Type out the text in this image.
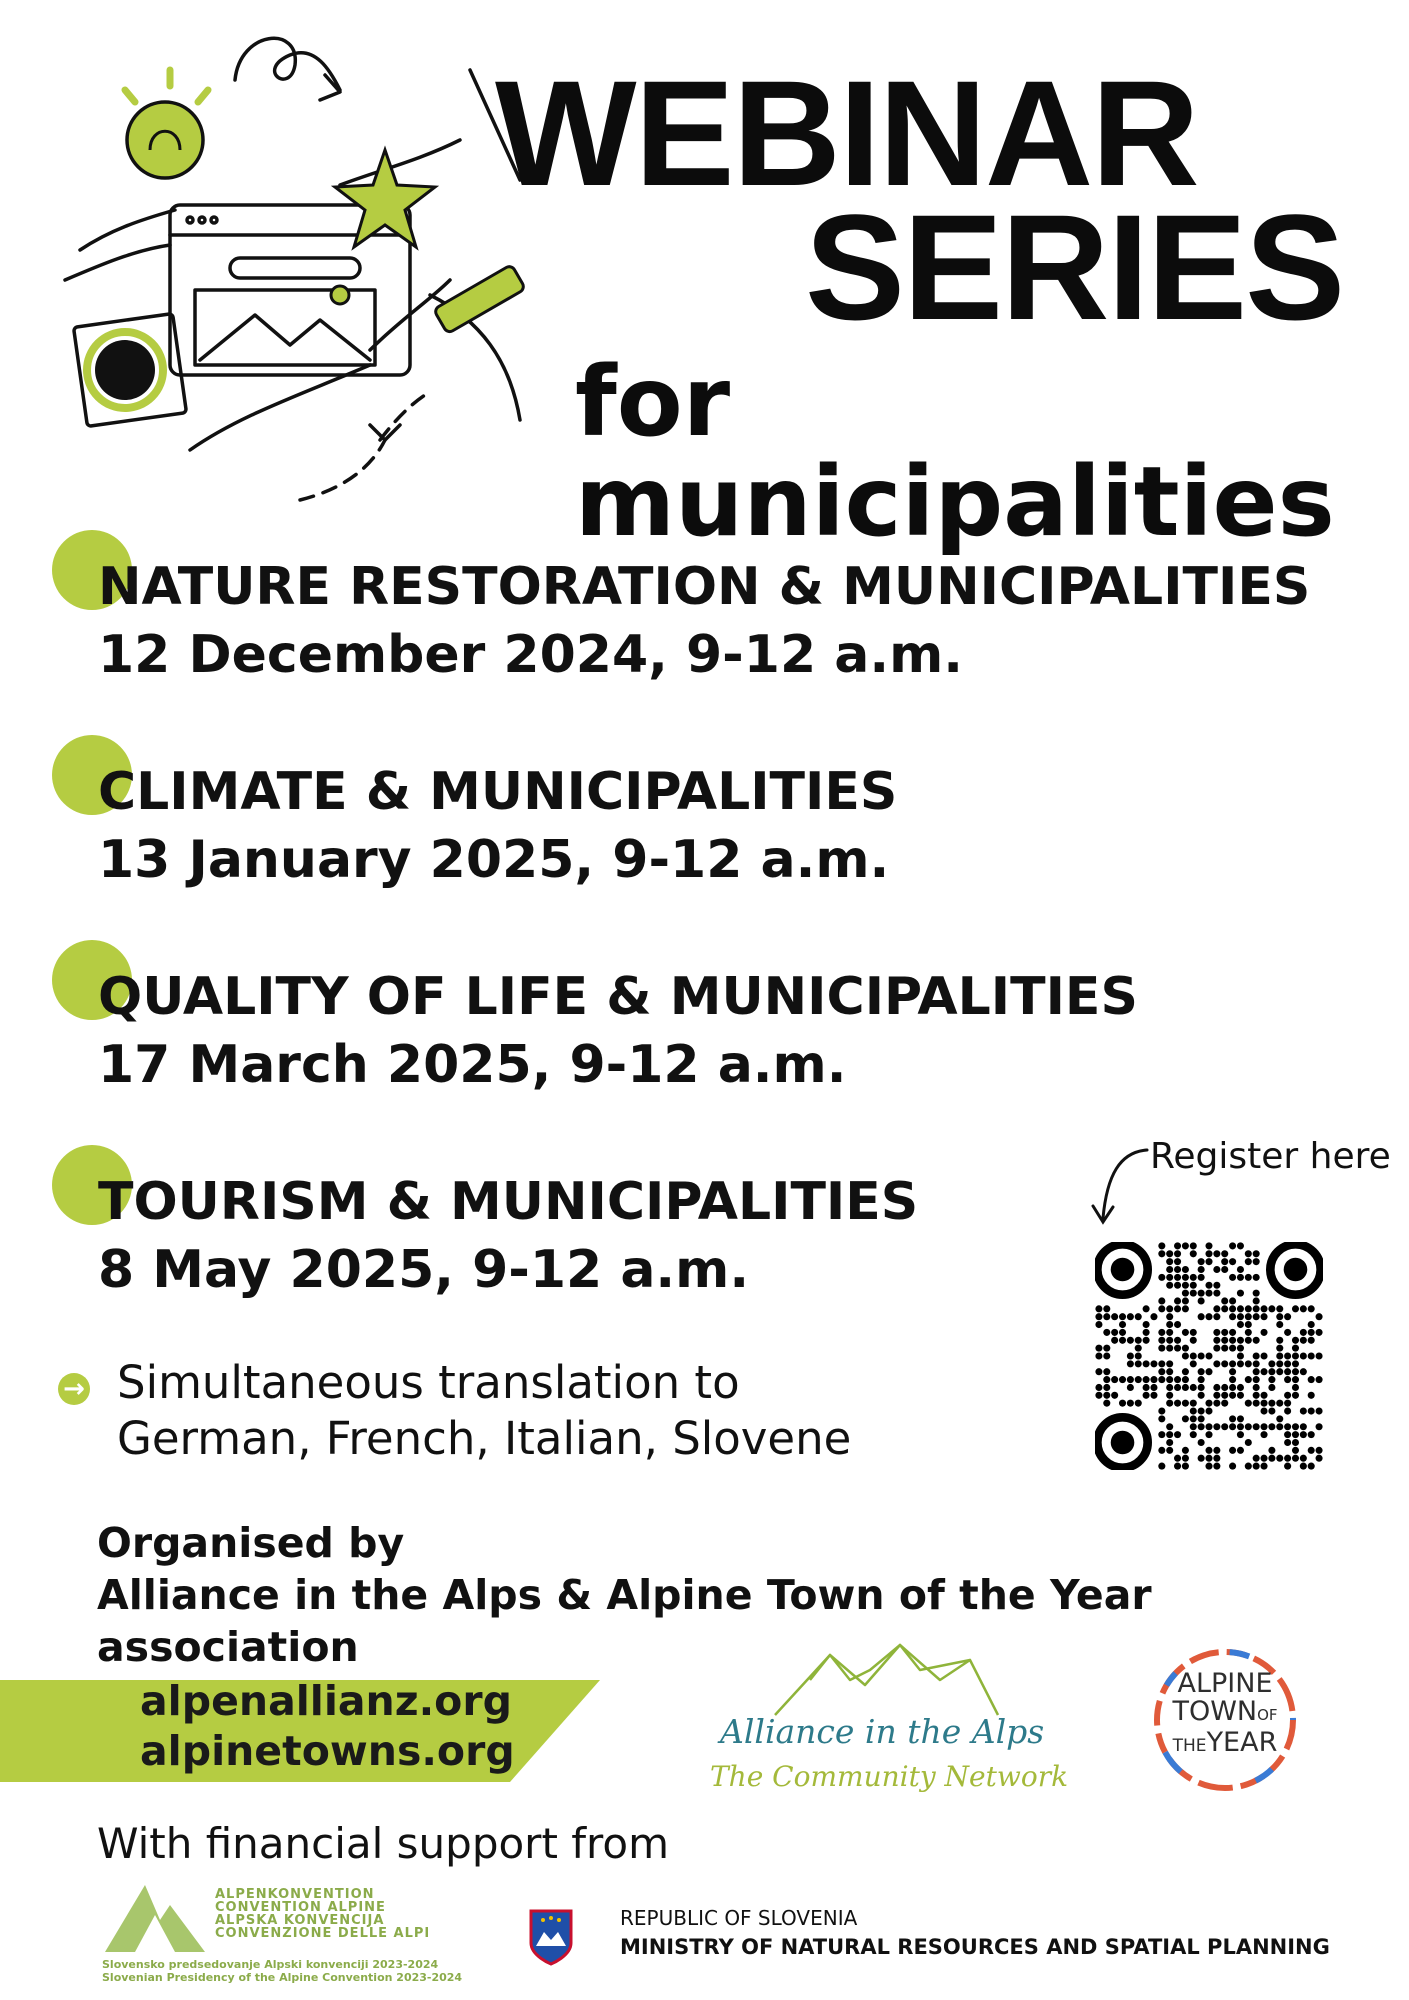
WEBINAR
SERIES
for municipalities
NATURE RESTORATION & MUNICIPALITIES
12 December 2024, 9-12 a.m.
CLIMATE & MUNICIPALITIES
13 January 2025, 9-12 a.m.
QUALITY OF LIFE & MUNICIPALITIES
17 March 2025, 9-12 a.m.
TOURISM & MUNICIPALITIES
8 May 2025, 9-12 a.m.
→ Simultaneous translation to
German, French, Italian, Slovene
Register here
Organised by
Alliance in the Alps & Alpine Town of the Year association
alpenallianz.org
alpinetowns.org	Alliance in the Alps
The Community Network
ALPINE
TOWNOF
THEYEAR
With financial support from
ALPENKONVENTION
CONVENTION ALPINE
ALPSKA KONVENCIJA
CONVENZIONE DELLE ALPI
Slovensko predsedovanje Alpski konvenciji 2023-2024
Slovenian Presidency of the Alpine Convention 2023-2024
REPUBLIC OF SLOVENIA
MINISTRY OF NATURAL RESOURCES AND SPATIAL PLANNING
